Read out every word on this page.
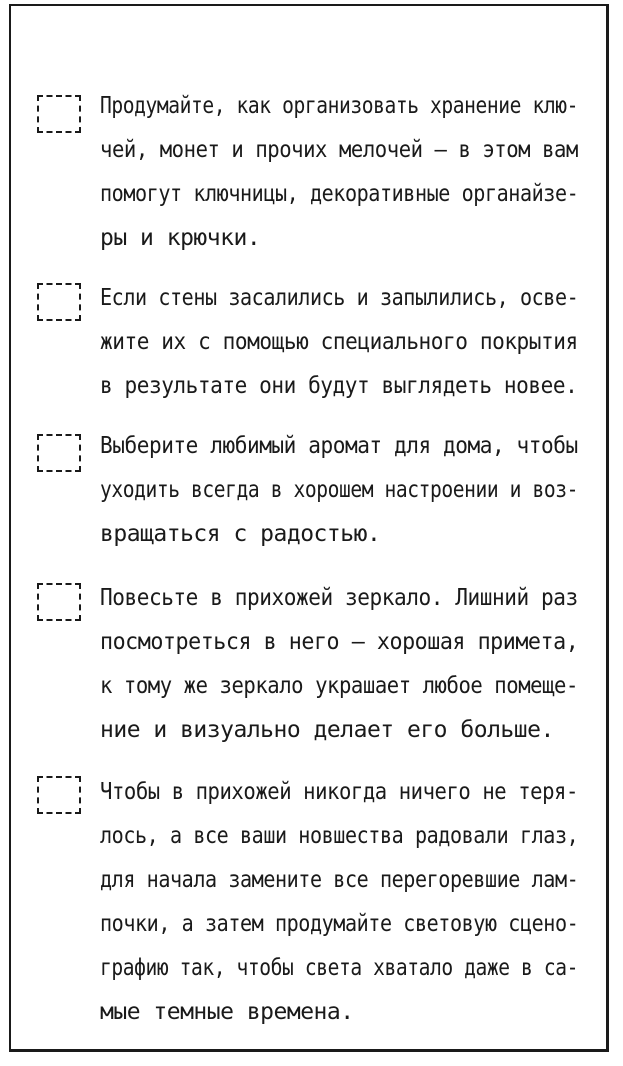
Продумайте, как организовать хранение клю-
чей, монет и прочих мелочей — в этом вам
помогут ключницы, декоративные органайзе-
ры и крючки.
Если стены засалились и запылились, осве-
жите их с помощью специального покрытия
в результате они будут выглядеть новее.
Выберите любимый аромат для дома, чтобы
уходить всегда в хорошем настроении и воз-
вращаться с радостью.
Повесьте в прихожей зеркало. Лишний раз
посмотреться в него — хорошая примета,
к тому же зеркало украшает любое помеще-
ние и визуально делает его больше.
Чтобы в прихожей никогда ничего не теря-
лось, а все ваши новшества радовали глаз,
для начала замените все перегоревшие лам-
почки, а затем продумайте световую сцено-
графию так, чтобы света хватало даже в са-
мые темные времена.
